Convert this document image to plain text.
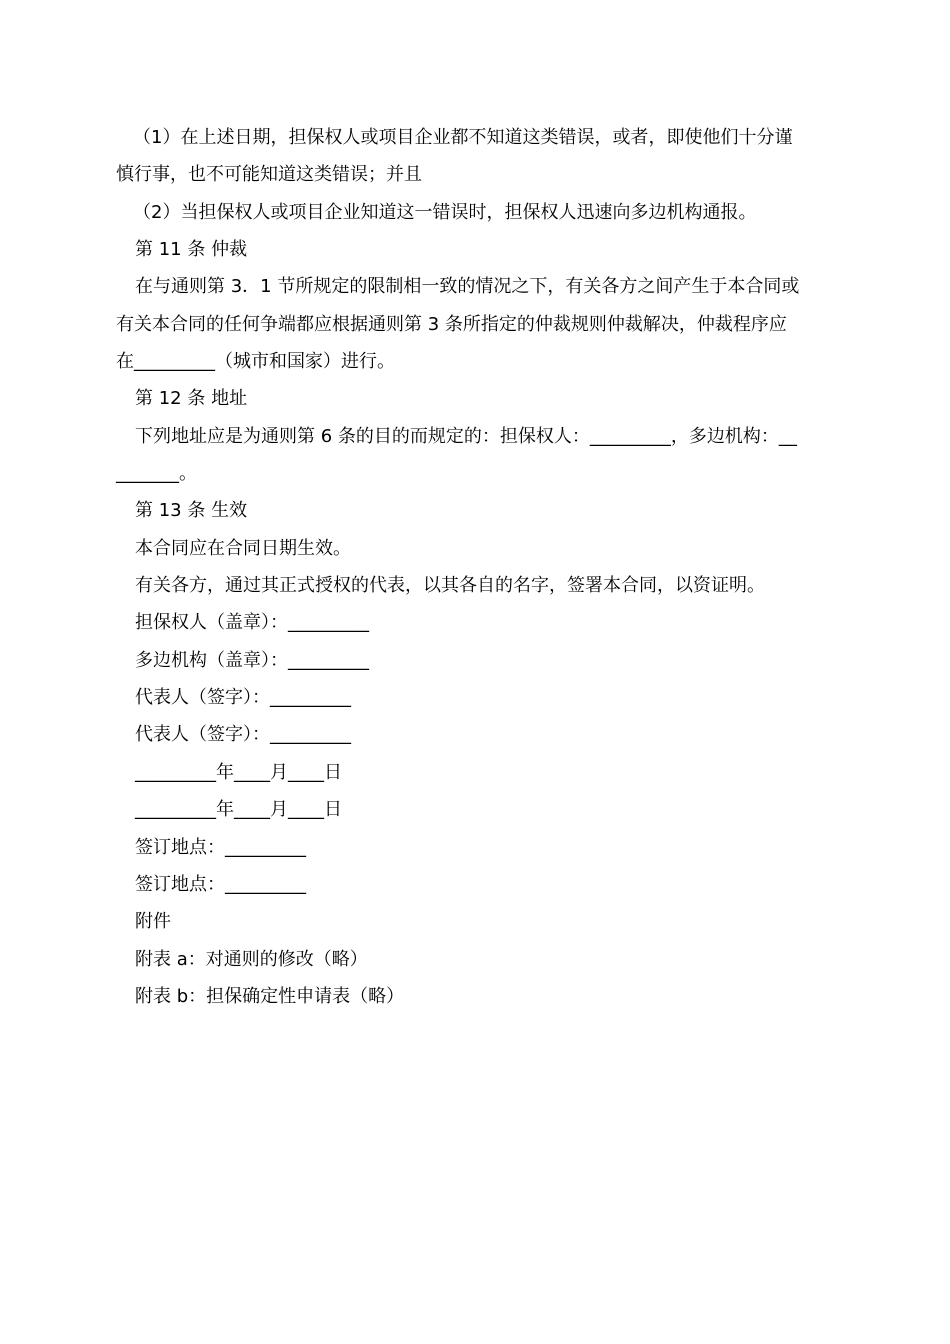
（1）在上述日期，担保权人或项目企业都不知道这类错误，或者，即使他们十分谨
慎行事，也不可能知道这类错误；并且
（2）当担保权人或项目企业知道这一错误时，担保权人迅速向多边机构通报。
第 11 条 仲裁
在与通则第 3．1 节所规定的限制相一致的情况之下，有关各方之间产生于本合同或
有关本合同的任何争端都应根据通则第 3 条所指定的仲裁规则仲裁解决，仲裁程序应
在_________（城市和国家）进行。
第 12 条 地址
下列地址应是为通则第 6 条的目的而规定的：担保权人：_________，多边机构：__
_______。
第 13 条 生效
本合同应在合同日期生效。
有关各方，通过其正式授权的代表，以其各自的名字，签署本合同，以资证明。
担保权人（盖章）：_________
多边机构（盖章）：_________
代表人（签字）：_________
代表人（签字）：_________
_________年____月____日
_________年____月____日
签订地点：_________
签订地点：_________
附件
附表 a：对通则的修改（略）
附表 b：担保确定性申请表（略）
